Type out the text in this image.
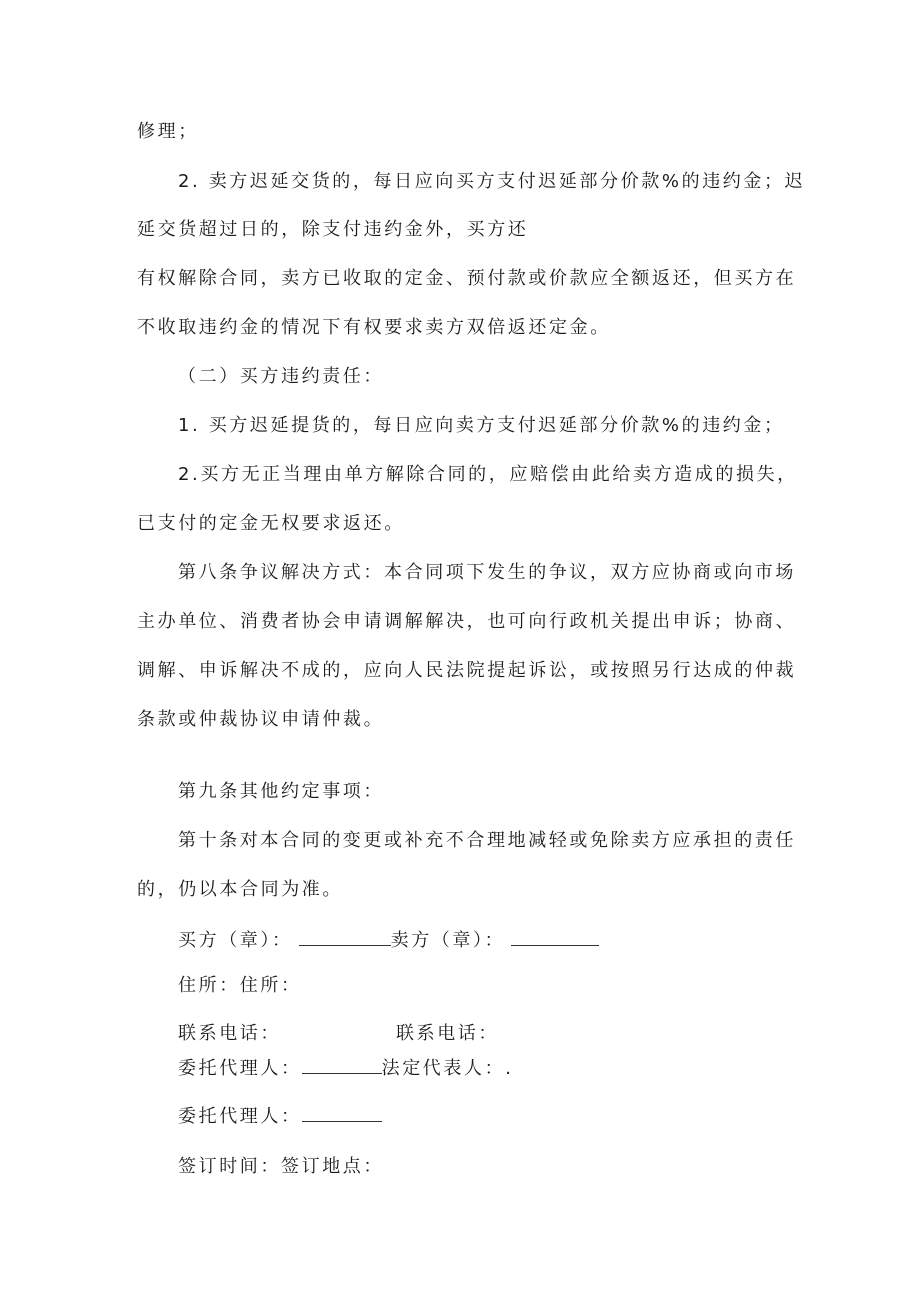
修理；
2. 卖方迟延交货的，每日应向买方支付迟延部分价款%的违约金；迟
延交货超过日的，除支付违约金外，买方还
有权解除合同，卖方已收取的定金、预付款或价款应全额返还，但买方在
不收取违约金的情况下有权要求卖方双倍返还定金。
（二）买方违约责任：
1. 买方迟延提货的，每日应向卖方支付迟延部分价款%的违约金；
2.买方无正当理由单方解除合同的，应赔偿由此给卖方造成的损失，
已支付的定金无权要求返还。
第八条争议解决方式：本合同项下发生的争议，双方应协商或向市场
主办单位、消费者协会申请调解解决，也可向行政机关提出申诉；协商、
调解、申诉解决不成的，应向人民法院提起诉讼，或按照另行达成的仲裁
条款或仲裁协议申请仲裁。
第九条其他约定事项：
第十条对本合同的变更或补充不合理地减轻或免除卖方应承担的责任
的，仍以本合同为准。
买方（章）：	卖方（章）：
住所：住所：
联系电话：	联系电话：
委托代理人：	法定代表人：.
委托代理人：
签订时间：签订地点：
